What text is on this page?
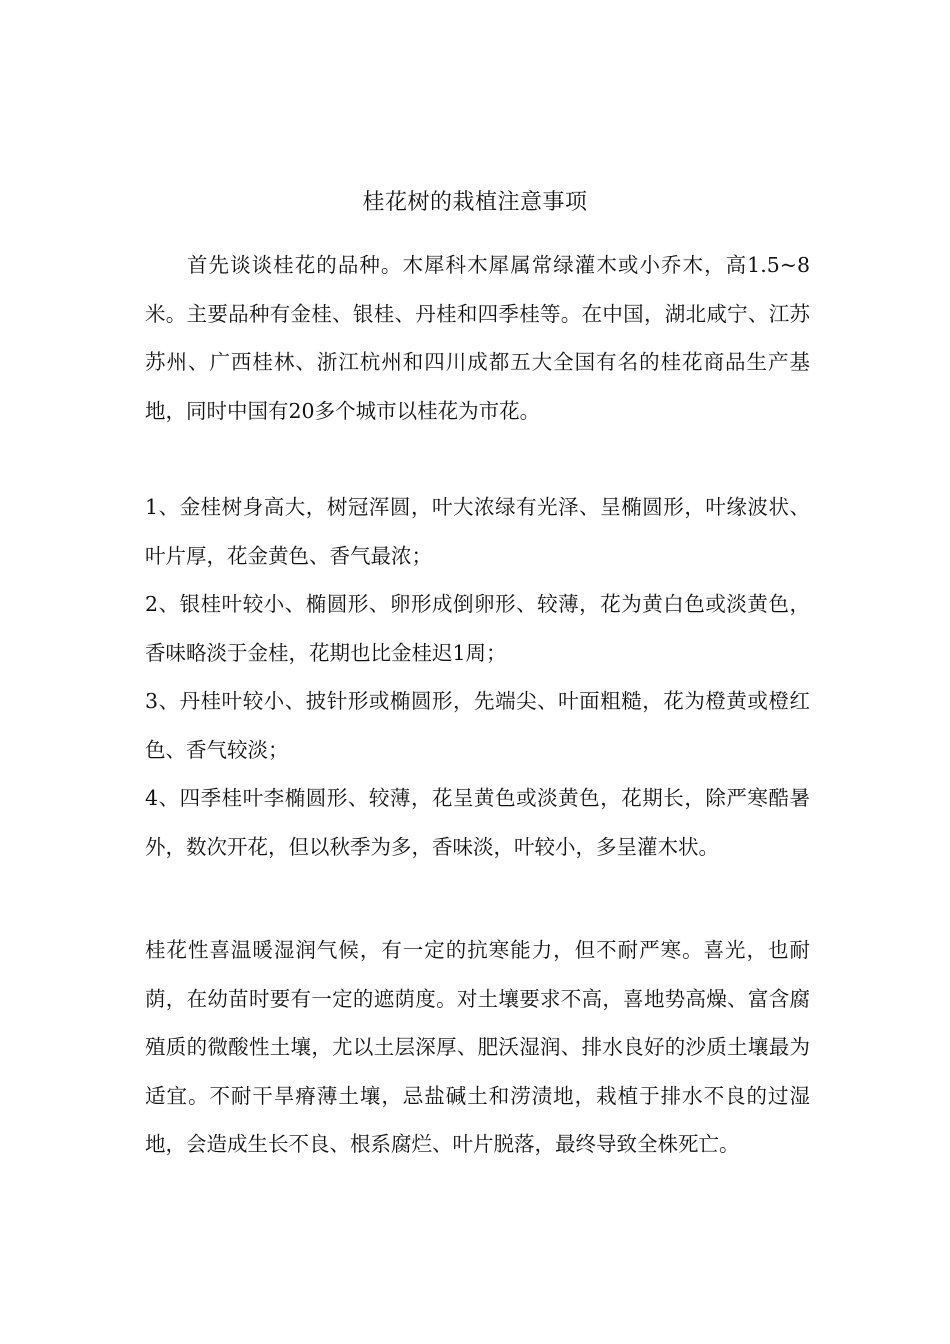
桂花树的栽植注意事项

首先谈谈桂花的品种。木犀科木犀属常绿灌木或小乔木，高1.5~8米。主要品种有金桂、银桂、丹桂和四季桂等。在中国，湖北咸宁、江苏苏州、广西桂林、浙江杭州和四川成都五大全国有名的桂花商品生产基地，同时中国有20多个城市以桂花为市花。

1、金桂树身高大，树冠浑圆，叶大浓绿有光泽、呈椭圆形，叶缘波状、叶片厚，花金黄色、香气最浓；

2、银桂叶较小、椭圆形、卵形成倒卵形、较薄，花为黄白色或淡黄色，香味略淡于金桂，花期也比金桂迟1周；

3、丹桂叶较小、披针形或椭圆形，先端尖、叶面粗糙，花为橙黄或橙红色、香气较淡；

4、四季桂叶李椭圆形、较薄，花呈黄色或淡黄色，花期长，除严寒酷暑外，数次开花，但以秋季为多，香味淡，叶较小，多呈灌木状。

桂花性喜温暖湿润气候，有一定的抗寒能力，但不耐严寒。喜光，也耐荫，在幼苗时要有一定的遮荫度。对土壤要求不高，喜地势高燥、富含腐殖质的微酸性土壤，尤以土层深厚、肥沃湿润、排水良好的沙质土壤最为适宜。不耐干旱瘠薄土壤，忌盐碱土和涝渍地，栽植于排水不良的过湿地，会造成生长不良、根系腐烂、叶片脱落，最终导致全株死亡。
